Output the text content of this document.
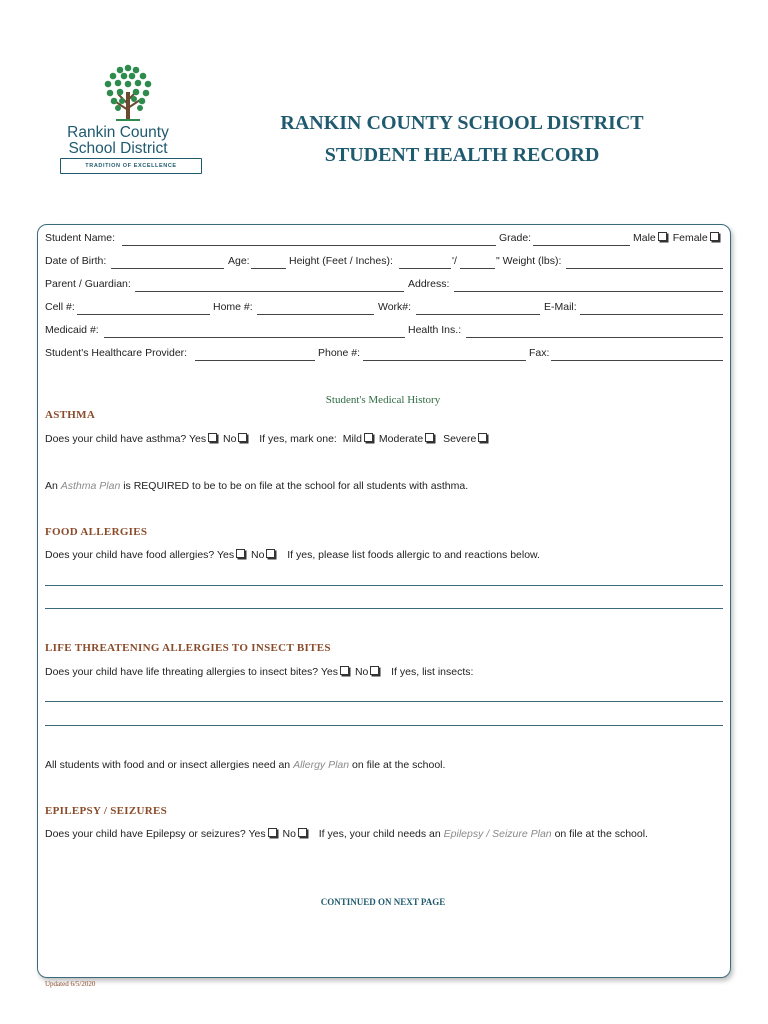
Rankin County
School District
TRADITION OF EXCELLENCE
RANKIN COUNTY SCHOOL DISTRICT
STUDENT HEALTH RECORD
Student Name:	Grade:	Male Female
Date of Birth:	Age:	Height (Feet / Inches):	'/	" Weight (lbs):
Parent / Guardian:	Address:
Cell #:	Home #:	Work#:	E-Mail:
Medicaid #:	Health Ins.:
Student's Healthcare Provider:	Phone #:	Fax:
Student's Medical History
ASTHMA
Does your child have asthma? Yes No If yes, mark one: Mild Moderate Severe
An Asthma Plan is REQUIRED to be to be on file at the school for all students with asthma.
FOOD ALLERGIES
Does your child have food allergies? Yes No If yes, please list foods allergic to and reactions below.
LIFE THREATENING ALLERGIES TO INSECT BITES
Does your child have life threating allergies to insect bites? Yes No If yes, list insects:
All students with food and or insect allergies need an Allergy Plan on file at the school.
EPILEPSY / SEIZURES
Does your child have Epilepsy or seizures? Yes No If yes, your child needs an Epilepsy / Seizure Plan on file at the school.
CONTINUED ON NEXT PAGE
Updated 6/5/2020
